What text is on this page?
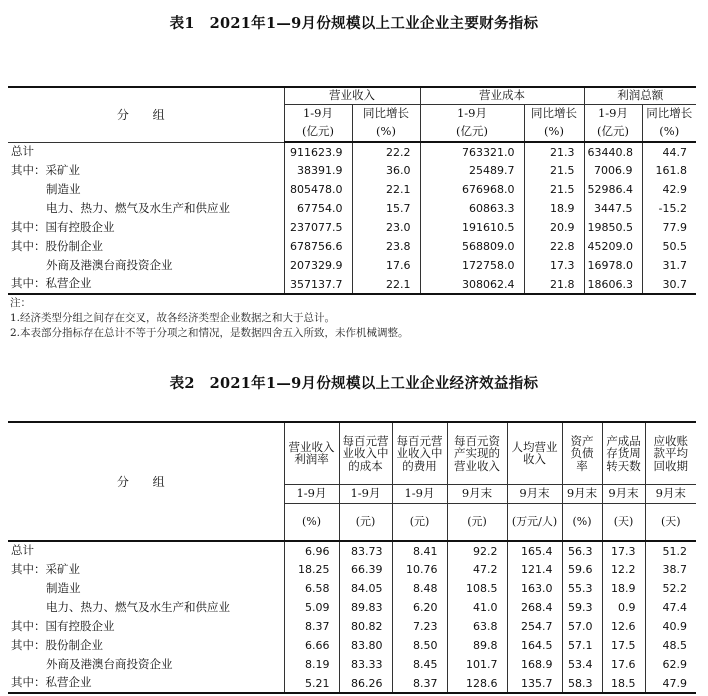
表1　2021年1—9月份规模以上工业企业主要财务指标
分 组	营业收入		营业成本		利润总额	
	1-9月	同比增长	1-9月	同比增长	1-9月	同比增长
	(亿元)	(%)	(亿元)	(%)	(亿元)	(%)
总计	911623.9	22.2	763321.0	21.3	63440.8	44.7
其中：采矿业	38391.9	36.0	25489.7	21.5	7006.9	161.8
制造业	805478.0	22.1	676968.0	21.5	52986.4	42.9
电力、热力、燃气及水生产和供应业	67754.0	15.7	60863.3	18.9	3447.5	-15.2
其中：国有控股企业	237077.5	23.0	191610.5	20.9	19850.5	77.9
其中：股份制企业	678756.6	23.8	568809.0	22.8	45209.0	50.5
外商及港澳台商投资企业	207329.9	17.6	172758.0	17.3	16978.0	31.7
其中：私营企业	357137.7	22.1	308062.4	21.8	18606.3	30.7
注：
1.经济类型分组之间存在交叉，故各经济类型企业数据之和大于总计。
2.本表部分指标存在总计不等于分项之和情况，是数据四舍五入所致，未作机械调整。
表2　2021年1—9月份规模以上工业企业经济效益指标
分 组	营业收入利润率	每百元营业收入中的成本	每百元营业收入中的费用	每百元资产实现的营业收入	人均营业收入	资产负债率	产成品存货周转天数	应收账款平均回收期
	1-9月	1-9月	1-9月	9月末	9月末	9月末	9月末	9月末
	(%)	(元)	(元)	(元)	(万元/人)	(%)	(天)	(天)
总计	6.96	83.73	8.41	92.2	165.4	56.3	17.3	51.2
其中：采矿业	18.25	66.39	10.76	47.2	121.4	59.6	12.2	38.7
制造业	6.58	84.05	8.48	108.5	163.0	55.3	18.9	52.2
电力、热力、燃气及水生产和供应业	5.09	89.83	6.20	41.0	268.4	59.3	0.9	47.4
其中：国有控股企业	8.37	80.82	7.23	63.8	254.7	57.0	12.6	40.9
其中：股份制企业	6.66	83.80	8.50	89.8	164.5	57.1	17.5	48.5
外商及港澳台商投资企业	8.19	83.33	8.45	101.7	168.9	53.4	17.6	62.9
其中：私营企业	5.21	86.26	8.37	128.6	135.7	58.3	18.5	47.9
